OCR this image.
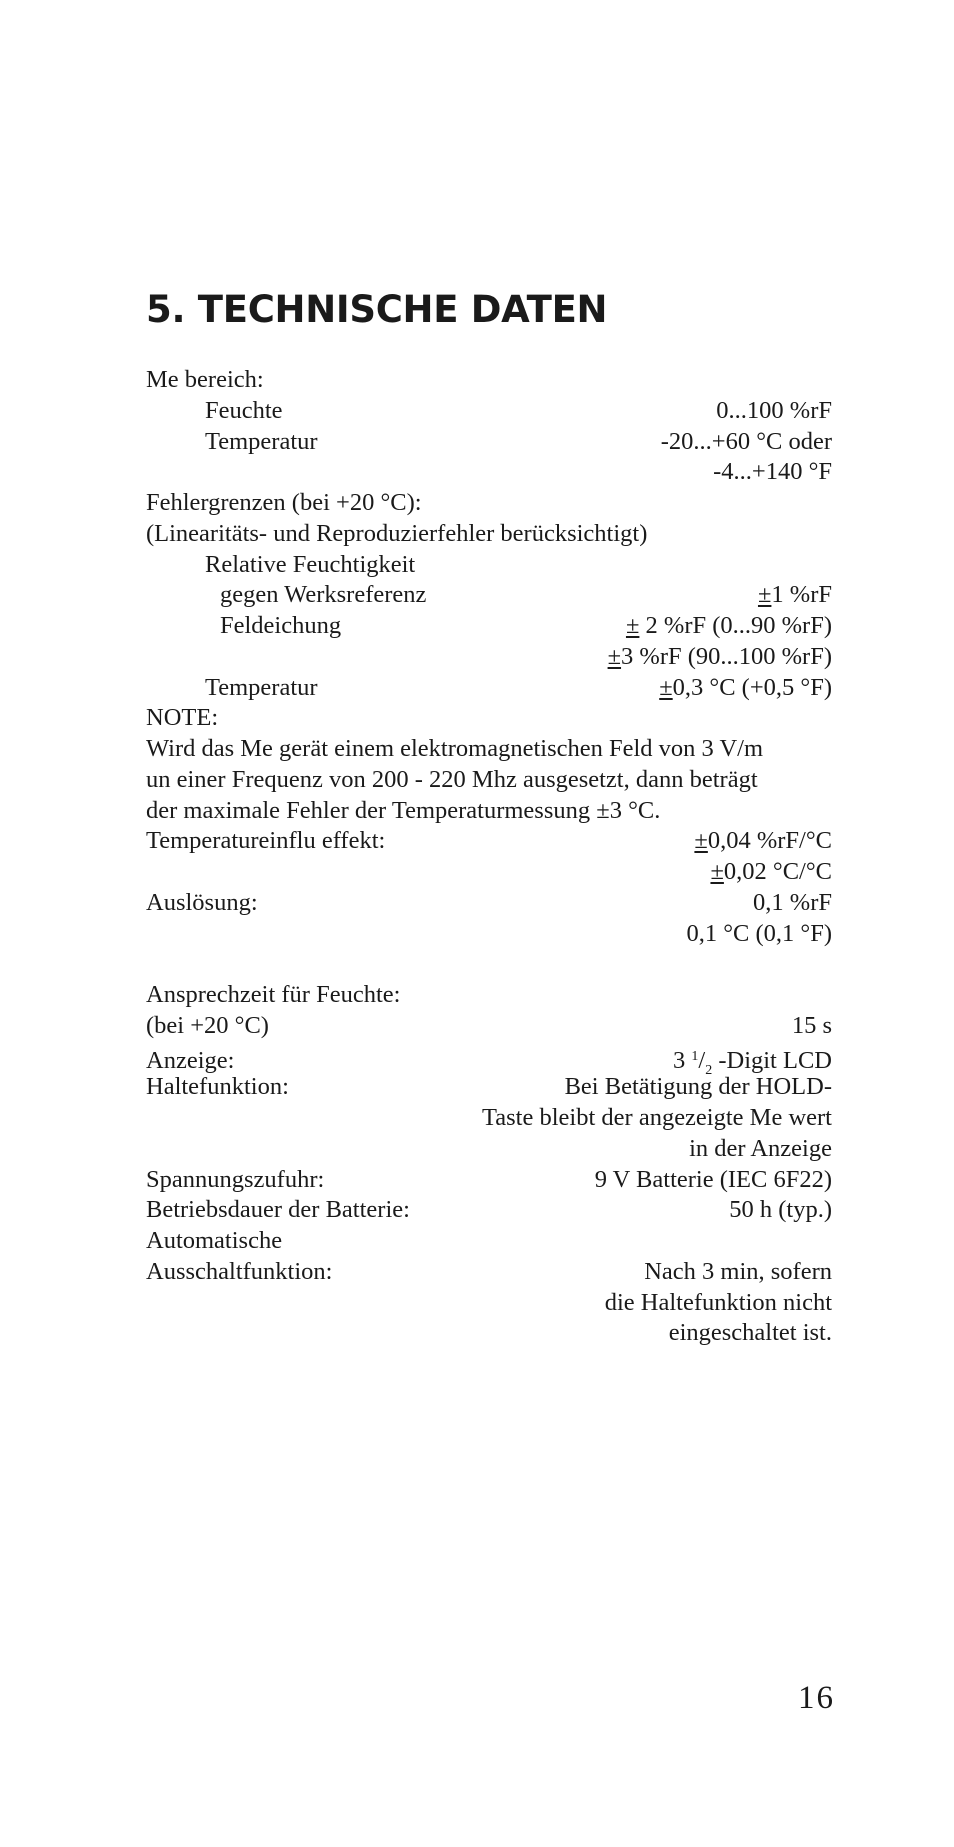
5. TECHNISCHE DATEN
Me bereich:
Feuchte	0...100 %rF
Temperatur	-20...+60 °C oder
-4...+140 °F
Fehlergrenzen (bei +20 °C):
(Linearitäts- und Reproduzierfehler berücksichtigt)
Relative Feuchtigkeit
gegen Werksreferenz	±1 %rF
Feldeichung	± 2 %rF (0...90 %rF)
±3 %rF (90...100 %rF)
Temperatur	±0,3 °C (+0,5 °F)
NOTE:
Wird das Me gerät einem elektromagnetischen Feld von 3 V/m
un einer Frequenz von 200 - 220 Mhz ausgesetzt, dann beträgt
der maximale Fehler der Temperaturmessung ±3 °C.
Temperatureinflu effekt:	±0,04 %rF/°C
±0,02 °C/°C
Auslösung:	0,1 %rF
0,1 °C (0,1 °F)
Ansprechzeit für Feuchte:
(bei +20 °C)	15 s
Anzeige:	3 $^1/_2$ -Digit LCD
Haltefunktion:	Bei Betätigung der HOLD-
Taste bleibt der angezeigte Me wert
in der Anzeige
Spannungszufuhr:	9 V Batterie (IEC 6F22)
Betriebsdauer der Batterie:	50 h (typ.)
Automatische
Ausschaltfunktion:	Nach 3 min, sofern
die Haltefunktion nicht
eingeschaltet ist.
16
